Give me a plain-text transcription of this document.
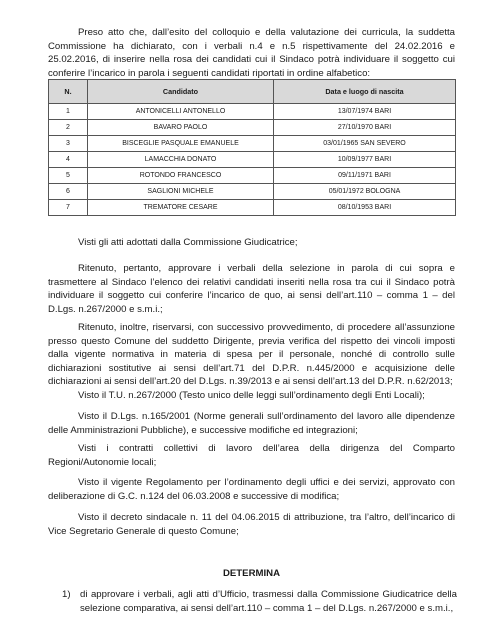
Preso atto che, dall’esito del colloquio e della valutazione dei curricula, la suddetta Commissione ha dichiarato, con i verbali n.4 e n.5 rispettivamente del 24.02.2016 e 25.02.2016, di inserire nella rosa dei candidati cui il Sindaco potrà individuare il soggetto cui conferire l’incarico in parola i seguenti candidati riportati in ordine alfabetico:

N.	Candidato	Data e luogo di nascita
1	ANTONICELLI ANTONELLO	13/07/1974 BARI
2	BAVARO PAOLO	27/10/1970 BARI
3	BISCEGLIE PASQUALE EMANUELE	03/01/1965 SAN SEVERO
4	LAMACCHIA DONATO	10/09/1977 BARI
5	ROTONDO FRANCESCO	09/11/1971 BARI
6	SAGLIONI MICHELE	05/01/1972 BOLOGNA
7	TREMATORE CESARE	08/10/1953 BARI

Visti gli atti adottati dalla Commissione Giudicatrice;

Ritenuto, pertanto, approvare i verbali della selezione in parola di cui sopra e trasmettere al Sindaco l’elenco dei relativi candidati inseriti nella rosa tra cui il Sindaco potrà individuare il soggetto cui conferire l’incarico de quo, ai sensi dell’art.110 – comma 1 – del D.Lgs. n.267/2000 e s.m.i.;

Ritenuto, inoltre, riservarsi, con successivo provvedimento, di procedere all’assunzione presso questo Comune del suddetto Dirigente, previa verifica del rispetto dei vincoli imposti dalla vigente normativa in materia di spesa per il personale, nonché di controllo sulle dichiarazioni sostitutive ai sensi dell’art.71 del D.P.R. n.445/2000 e acquisizione delle dichiarazioni ai sensi dell’art.20 del D.Lgs. n.39/2013 e ai sensi dell’art.13 del D.P.R. n.62/2013;

Visto il T.U. n.267/2000 (Testo unico delle leggi sull’ordinamento degli Enti Locali);

Visto il D.Lgs. n.165/2001 (Norme generali sull’ordinamento del lavoro alle dipendenze delle Amministrazioni Pubbliche), e successive modifiche ed integrazioni;

Visti i contratti collettivi di lavoro dell’area della dirigenza del Comparto Regioni/Autonomie locali;

Visto il vigente Regolamento per l’ordinamento degli uffici e dei servizi, approvato con deliberazione di G.C. n.124 del 06.03.2008 e successive di modifica;

Visto il decreto sindacale n. 11 del 04.06.2015 di attribuzione, tra l’altro, dell’incarico di Vice Segretario Generale di questo Comune;

DETERMINA

1) di approvare i verbali, agli atti d’Ufficio, trasmessi dalla Commissione Giudicatrice della selezione comparativa, ai sensi dell’art.110 – comma 1 – del D.Lgs. n.267/2000 e s.m.i.,
